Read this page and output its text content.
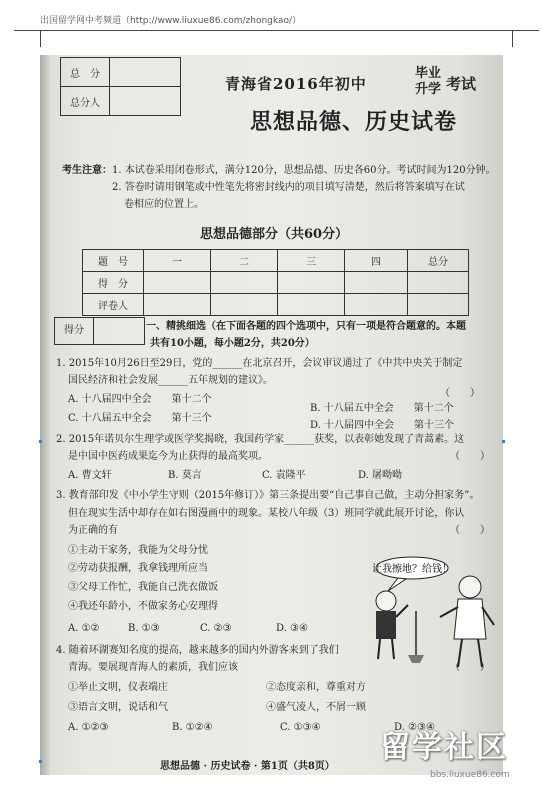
出国留学网中考频道（http://www.liuxue86.com/zhongkao/）
总　分	
总分人	
青海省2016年初中
毕业
升学 考试
思想品德、历史试卷
考生注意：1. 本试卷采用闭卷形式，满分120分，思想品德、历史各60分。考试时间为120分钟。
2. 答卷时请用钢笔或中性笔先将密封线内的项目填写清楚，然后将答案填写在试
卷相应的位置上。
思想品德部分（共60分）
题　号	一	二	三	四	总分
得　分					
评卷人					
得分	一、精挑细选（在下面各题的四个选项中，只有一项是符合题意的。本题
共有10小题，每小题2分，共20分）
1. 2015年10月26日至29日，党的______在北京召开，会议审议通过了《中共中央关于制定
国民经济和社会发展______五年规划的建议》。
（　　）
A. 十八届四中全会　　第十二个
B. 十八届五中全会　　第十二个
C. 十八届五中全会　　第十三个
D. 十八届四中全会　　第十三个
2. 2015年诺贝尔生理学或医学奖揭晓，我国药学家______获奖，以表彰她发现了青蒿素。这
是中国中医药成果迄今为止获得的最高奖项。	（　　）
A. 曹文轩	B. 莫言	C. 袁隆平	D. 屠呦呦
3. 教育部印发《中小学生守则（2015年修订）》第三条提出要“自己事自己做，主动分担家务”。
但在现实生活中却存在如右图漫画中的现象。某校八年级（3）班同学就此展开讨论，你认
为正确的有	（　　）
①主动干家务，我能为父母分忧
②劳动获报酬，我拿钱理所应当
③父母工作忙，我能自己洗衣做饭
④我还年龄小，不做家务心安理得
A. ①②	B. ①③	C. ②③	D. ③④
让我擦地？给钱！
4. 随着环湖赛知名度的提高，越来越多的国内外游客来到了我们
青海。要展现青海人的素质，我们应该	（　　）
①举止文明，仪表端庄	②态度亲和，尊重对方
③语言文明，说话和气	④盛气凌人，不屑一顾
A. ①②③	B. ①②④	C. ①③④	D. ②③④
思想品德 · 历史试卷 · 第1页（共8页）
留学社区
bbs.liuxue86.com
